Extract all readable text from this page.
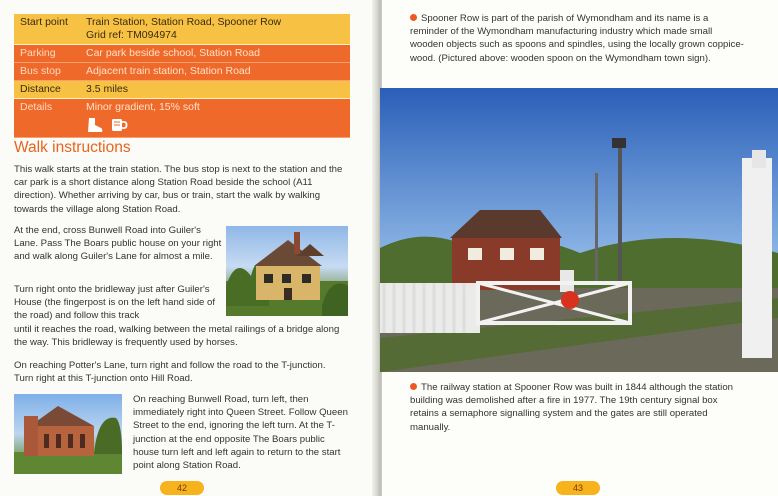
Start point	Train Station, Station Road, Spooner Row
Grid ref: TM094974

Parking	Car park beside school, Station Road
Bus stop	Adjacent train station, Station Road
Distance	3.5 miles
Details	Minor gradient, 15% soft
Walk instructions
This walk starts at the train station. The bus stop is next to the station and the car park is a short distance along Station Road beside the school (A11 direction). Whether arriving by car, bus or train, start the walk by walking towards the village along Station Road.
At the end, cross Bunwell Road into Guiler's Lane. Pass The Boars public house on your right and walk along Guiler's Lane for almost a mile.
Turn right onto the bridleway just after Guiler's House (the fingerpost is on the left hand side of the road) and follow this track
until it reaches the road, walking between the metal railings of a bridge along the way. This bridleway is frequently used by horses.
On reaching Potter's Lane, turn right and follow the road to the T-junction. Turn right at this T-junction onto Hill Road.
On reaching Bunwell Road, turn left, then immediately right into Queen Street. Follow Queen Street to the end, ignoring the left turn. At the T-junction at the end opposite The Boars public house turn left and left again to return to the start point along Station Road.
42
Spooner Row is part of the parish of Wymondham and its name is a reminder of the Wymondham manufacturing industry which made small wooden objects such as spoons and spindles, using the locally grown coppice-wood. (Pictured above: wooden spoon on the Wymondham town sign).
The railway station at Spooner Row was built in 1844 although the station building was demolished after a fire in 1977. The 19th century signal box retains a semaphore signalling system and the gates are still operated manually.
43
